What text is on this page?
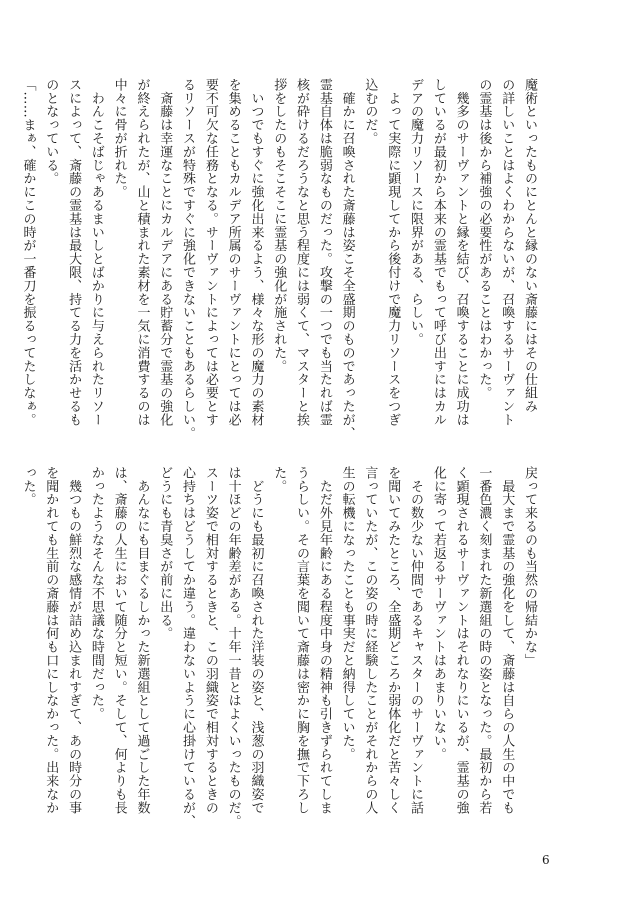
魔術といったものにとんと縁のない斎藤にはその仕組み
の詳しいことはよくわからないが、召喚するサーヴァント
の霊基は後から補強の必要性があることはわかった。
　幾多のサーヴァントと縁を結び、召喚することに成功は
しているが最初から本来の霊基でもって呼び出すにはカル
デアの魔力リソースに限界がある、らしい。
　よって実際に顕現してから後付けで魔力リソースをつぎ
込むのだ。
　確かに召喚された斎藤は姿こそ全盛期のものであったが、
霊基自体は脆弱なものだった。攻撃の一つでも当たれば霊
核が砕けるだろうなと思う程度には弱くて、マスターと挨
拶をしたのもそこそこに霊基の強化が施された。
　いつでもすぐに強化出来るよう、様々な形の魔力の素材
を集めることもカルデア所属のサーヴァントにとっては必
要不可欠な任務となる。サーヴァントによっては必要とす
るリソースが特殊ですぐに強化できないこともあるらしい。
　斎藤は幸運なことにカルデアにある貯蓄分で霊基の強化
が終えられたが、山と積まれた素材を一気に消費するのは
中々に骨が折れた。
　わんこそばじゃあるまいしとばかりに与えられたリソー
スによって、斎藤の霊基は最大限、持てる力を活かせるも
のとなっている。
「……まぁ、確かにこの時が一番刀を振るってたしなぁ。
戻って来るのも当然の帰結かな」
　最大まで霊基の強化をして、斎藤は自らの人生の中でも
一番色濃く刻まれた新選組の時の姿となった。最初から若
く顕現されるサーヴァントはそれなりにいるが、霊基の強
化に寄って若返るサーヴァントはあまりいない。
　その数少ない仲間であるキャスターのサーヴァントに話
を聞いてみたところ、全盛期どころか弱体化だと苦々しく
言っていたが、この姿の時に経験したことがそれからの人
生の転機になったことも事実だと納得していた。
　ただ外見年齢にある程度中身の精神も引きずられてしま
うらしい。その言葉を聞いて斎藤は密かに胸を撫で下ろし
た。
　どうにも最初に召喚された洋装の姿と、浅葱の羽織姿で
は十ほどの年齢差がある。十年一昔とはよくいったものだ。
スーツ姿で相対するときと、この羽織姿で相対するときの
心持ちはどうしてか違う。違わないように心掛けているが、
どうにも青臭さが前に出る。
　あんなにも目まぐるしかった新選組として過ごした年数
は、斎藤の人生において随分と短い。そして、何よりも長
かったようなそんな不思議な時間だった。
　幾つもの鮮烈な感情が詰め込まれすぎて、あの時分の事
を聞かれても生前の斎藤は何も口にしなかった。出来なか
った。
6
